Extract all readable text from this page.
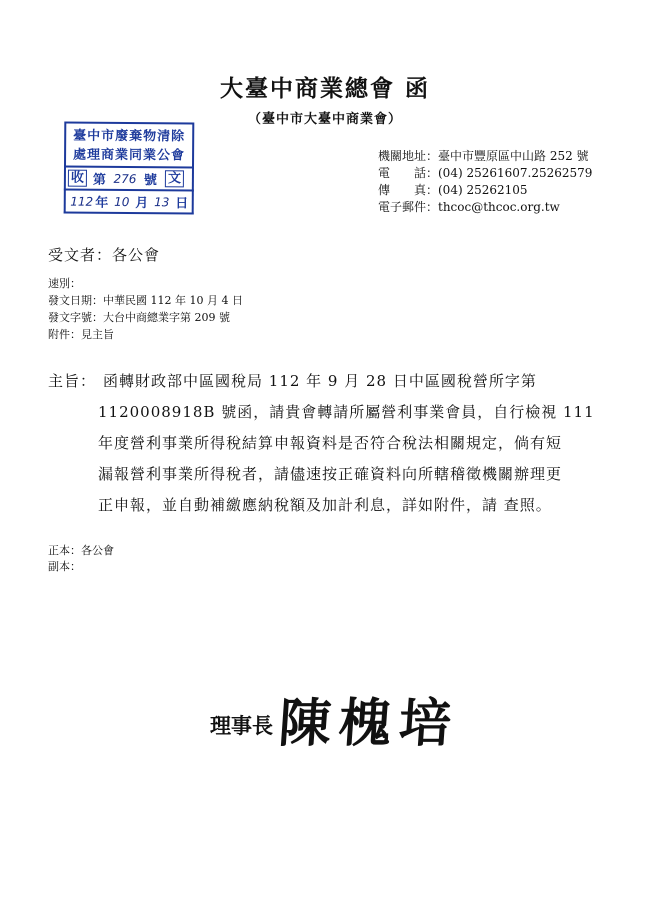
大臺中商業總會 函
（臺中市大臺中商業會）
臺中市廢棄物清除
處理商業同業公會
收 第 276 號 文
112 年 10 月 13 日
機關地址：臺中市豐原區中山路 252 號
電　　話：(04) 25261607.25262579
傳　　真：(04) 25262105
電子郵件：thcoc@thcoc.org.tw
受文者：各公會
速別：
發文日期：中華民國 112 年 10 月 4 日
發文字號：大台中商總業字第 209 號
附件：見主旨
主旨： 函轉財政部中區國稅局 112 年 9 月 28 日中區國稅營所字第
1120008918B 號函，請貴會轉請所屬營利事業會員，自行檢視 111
年度營利事業所得稅結算申報資料是否符合稅法相關規定，倘有短
漏報營利事業所得稅者，請儘速按正確資料向所轄稽徵機關辦理更
正申報，並自動補繳應納稅額及加計利息，詳如附件，請 查照。
正本：各公會
副本：
理事長 陳槐培
